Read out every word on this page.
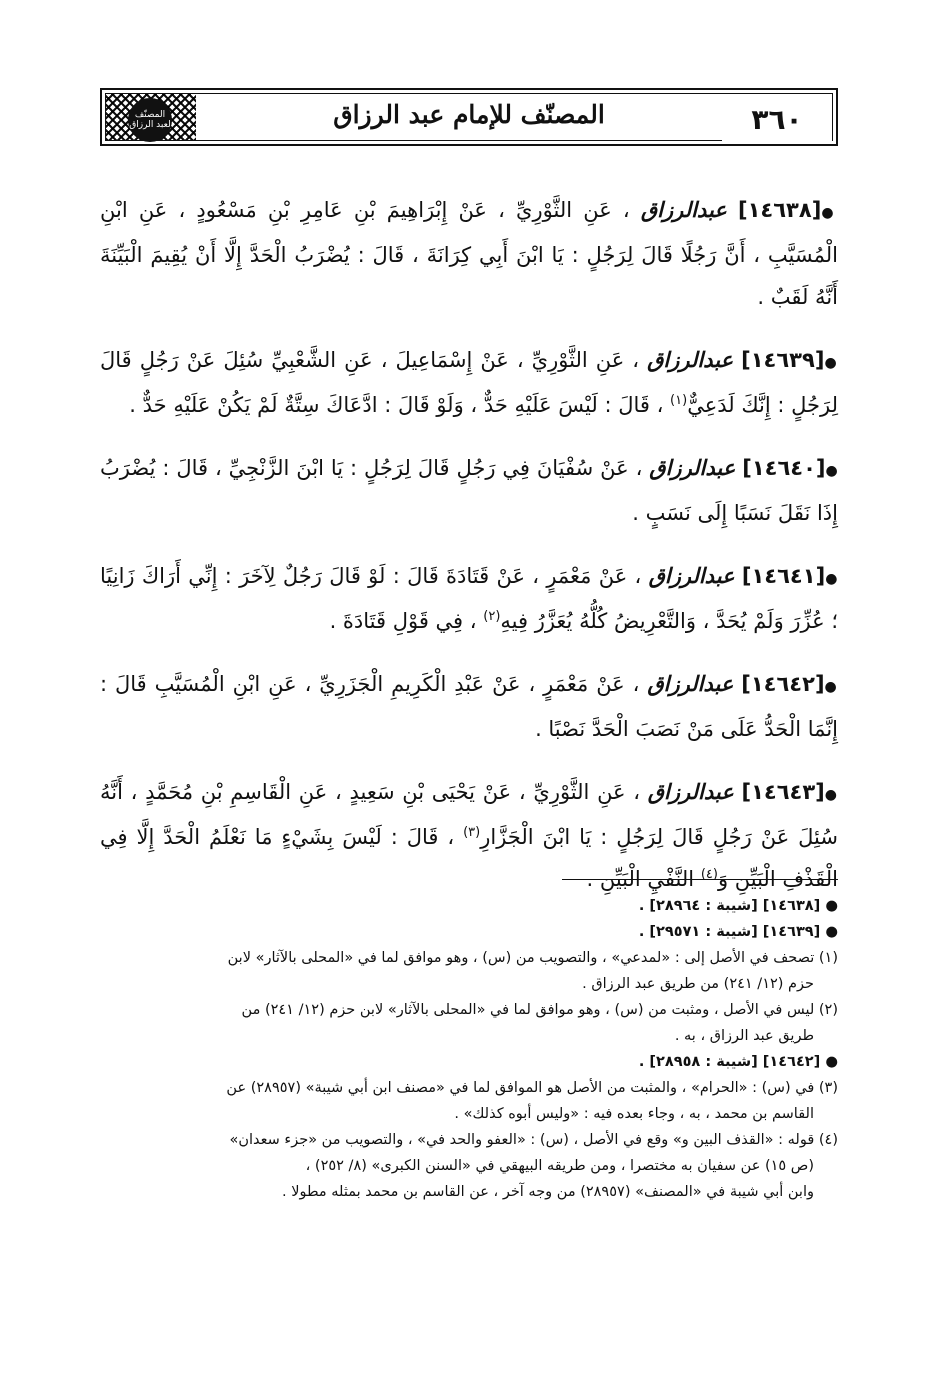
المصنّف لعبد الرزاق	٣٦٠
المصنّف للإمام عبد الرزاق

●[١٤٦٣٨] عبدالرزاق ، عَنِ الثَّوْرِيِّ ، عَنْ إِبْرَاهِيمَ بْنِ عَامِرِ بْنِ مَسْعُودٍ ، عَنِ ابْنِ الْمُسَيَّبِ ، أَنَّ رَجُلًا قَالَ لِرَجُلٍ : يَا ابْنَ أَبِي كِرَانَةَ ، قَالَ : يُضْرَبُ الْحَدَّ إِلَّا أَنْ يُقِيمَ الْبَيِّنَةَ أَنَّهُ لَقَبٌ .

●[١٤٦٣٩] عبدالرزاق ، عَنِ الثَّوْرِيِّ ، عَنْ إِسْمَاعِيلَ ، عَنِ الشَّعْبِيِّ سُئِلَ عَنْ رَجُلٍ قَالَ لِرَجُلٍ : إِنَّكَ لَدَعِيٌّ$^{(١)}$ ، قَالَ : لَيْسَ عَلَيْهِ حَدٌّ ، وَلَوْ قَالَ : ادَّعَاكَ سِتَّةٌ لَمْ يَكُنْ عَلَيْهِ حَدٌّ .

●[١٤٦٤٠] عبدالرزاق ، عَنْ سُفْيَانَ فِي رَجُلٍ قَالَ لِرَجُلٍ : يَا ابْنَ الزَّنْجِيِّ ، قَالَ : يُضْرَبُ إِذَا نَقَلَ نَسَبًا إِلَى نَسَبٍ .

●[١٤٦٤١] عبدالرزاق ، عَنْ مَعْمَرٍ ، عَنْ قَتَادَةَ قَالَ : لَوْ قَالَ رَجُلٌ لِآخَرَ : إِنِّي أَرَاكَ زَانِيًا ؛ عُزِّرَ وَلَمْ يُحَدَّ ، وَالتَّعْرِيضُ كُلُّهُ يُعَزَّرُ فِيهِ$^{(٢)}$ ، فِي قَوْلِ قَتَادَةَ .

●[١٤٦٤٢] عبدالرزاق ، عَنْ مَعْمَرٍ ، عَنْ عَبْدِ الْكَرِيمِ الْجَزَرِيِّ ، عَنِ ابْنِ الْمُسَيَّبِ قَالَ : إِنَّمَا الْحَدُّ عَلَى مَنْ نَصَبَ الْحَدَّ نَصْبًا .

●[١٤٦٤٣] عبدالرزاق ، عَنِ الثَّوْرِيِّ ، عَنْ يَحْيَى بْنِ سَعِيدٍ ، عَنِ الْقَاسِمِ بْنِ مُحَمَّدٍ ، أَنَّهُ سُئِلَ عَنْ رَجُلٍ قَالَ لِرَجُلٍ : يَا ابْنَ الْجَزَّارِ$^{(٣)}$ ، قَالَ : لَيْسَ بِشَيْءٍ مَا نَعْلَمُ الْحَدَّ إِلَّا فِي الْقَذْفِ الْبَيِّنِ وَ$^{(٤)}$ النَّفْيِ الْبَيِّنِ .

● [١٤٦٣٨] [شيبة : ٢٨٩٦٤] .

● [١٤٦٣٩] [شيبة : ٢٩٥٧١] .

(١) تصحف في الأصل إلى : «لمدعي» ، والتصويب من (س) ، وهو موافق لما في «المحلى بالآثار» لابن

حزم (١٢/ ٢٤١) من طريق عبد الرزاق .

(٢) ليس في الأصل ، ومثبت من (س) ، وهو موافق لما في «المحلى بالآثار» لابن حزم (١٢/ ٢٤١) من

طريق عبد الرزاق ، به .

● [١٤٦٤٢] [شيبة : ٢٨٩٥٨] .

(٣) في (س) : «الحرام» ، والمثبت من الأصل هو الموافق لما في «مصنف ابن أبي شيبة» (٢٨٩٥٧) عن

القاسم بن محمد ، به ، وجاء بعده فيه : «وليس أبوه كذلك» .

(٤) قوله : «القذف البين و» وقع في الأصل ، (س) : «العفو والحد في» ، والتصويب من «جزء سعدان»

(ص ١٥) عن سفيان به مختصرا ، ومن طريقه البيهقي في «السنن الكبرى» (٨/ ٢٥٢) ،

وابن أبي شيبة في «المصنف» (٢٨٩٥٧) من وجه آخر ، عن القاسم بن محمد بمثله مطولا .
